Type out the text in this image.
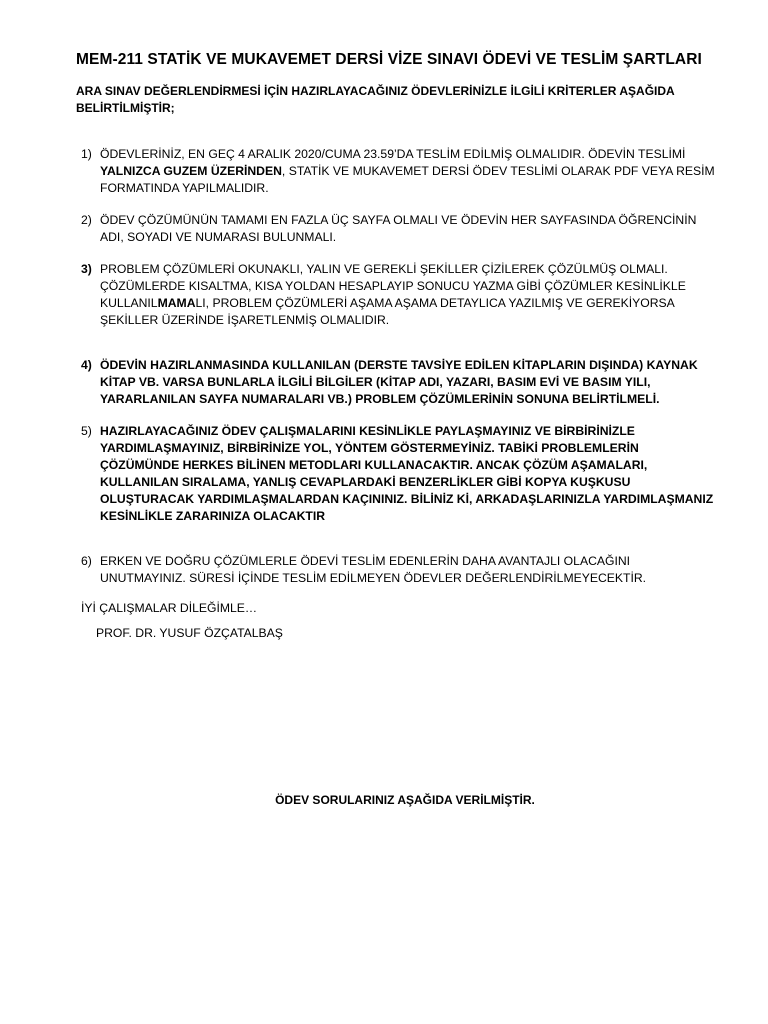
MEM-211 STATİK VE MUKAVEMET DERSİ VİZE SINAVI ÖDEVİ VE TESLİM ŞARTLARI
ARA SINAV DEĞERLENDİRMESİ İÇİN HAZIRLAYACAĞINIZ ÖDEVLERİNİZLE İLGİLİ KRİTERLER AŞAĞIDA BELİRTİLMİŞTİR;
1) ÖDEVLERİNİZ, EN GEÇ 4 ARALIK 2020/CUMA 23.59’DA TESLİM EDİLMİŞ OLMALIDIR. ÖDEVİN TESLİMİ
YALNIZCA GUZEM ÜZERİNDEN, STATİK VE MUKAVEMET DERSİ ÖDEV TESLİMİ OLARAK PDF VEYA RESİM FORMATINDA YAPILMALIDIR.
2) ÖDEV ÇÖZÜMÜNÜN TAMAMI EN FAZLA ÜÇ SAYFA OLMALI VE ÖDEVİN HER SAYFASINDA ÖĞRENCİNİN ADI, SOYADI VE NUMARASI BULUNMALI.
3) PROBLEM ÇÖZÜMLERİ OKUNAKLI, YALIN VE GEREKLİ ŞEKİLLER ÇİZİLEREK ÇÖZÜLMÜŞ OLMALI. ÇÖZÜMLERDE KISALTMA, KISA YOLDAN HESAPLAYIP SONUCU YAZMA GİBİ ÇÖZÜMLER KESİNLİKLE KULLANILMAMALI, PROBLEM ÇÖZÜMLERİ AŞAMA AŞAMA DETAYLICA YAZILMIŞ VE GEREKİYORSA ŞEKİLLER ÜZERİNDE İŞARETLENMİŞ OLMALIDIR.
4) ÖDEVİN HAZIRLANMASINDA KULLANILAN (DERSTE TAVSİYE EDİLEN KİTAPLARIN DIŞINDA) KAYNAK KİTAP VB. VARSA BUNLARLA İLGİLİ BİLGİLER (KİTAP ADI, YAZARI, BASIM EVİ VE BASIM YILI, YARARLANILAN SAYFA NUMARALARI VB.) PROBLEM ÇÖZÜMLERİNİN SONUNA BELİRTİLMELİ.
5) HAZIRLAYACAĞINIZ ÖDEV ÇALIŞMALARINI KESİNLİKLE PAYLAŞMAYINIZ VE BİRBİRİNİZLE YARDIMLAŞMAYINIZ, BİRBİRİNİZE YOL, YÖNTEM GÖSTERMEYİNİZ. TABİKİ PROBLEMLERİN ÇÖZÜMÜNDE HERKES BİLİNEN METODLARI KULLANACAKTIR. ANCAK ÇÖZÜM AŞAMALARI, KULLANILAN SIRALAMA, YANLIŞ CEVAPLARDAKİ BENZERLİKLER GİBİ KOPYA KUŞKUSU OLUŞTURACAK YARDIMLAŞMALARDAN KAÇININIZ. BİLİNİZ Kİ, ARKADAŞLARINIZLA YARDIMLAŞMANIZ KESİNLİKLE ZARARINIZA OLACAKTIR
6) ERKEN VE DOĞRU ÇÖZÜMLERLE ÖDEVİ TESLİM EDENLERİN DAHA AVANTAJLI OLACAĞINI UNUTMAYINIZ. SÜRESİ İÇİNDE TESLİM EDİLMEYEN ÖDEVLER DEĞERLENDİRİLMEYECEKTİR.
İYİ ÇALIŞMALAR DİLEĞİMLE…
PROF. DR. YUSUF ÖZÇATALBAŞ
ÖDEV SORULARINIZ AŞAĞIDA VERİLMİŞTİR.
